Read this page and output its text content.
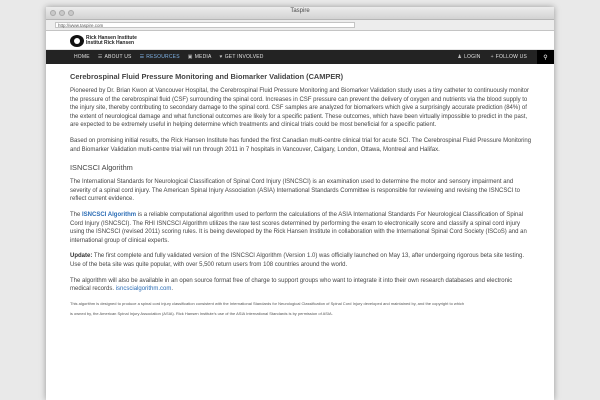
Taspire
http://www.taspire.com
Rick Hansen Institute
Institut Rick Hansen
HOME ☰ ABOUT US ☰ RESOURCES ▣ MEDIA ♥ GET INVOLVED	♟ LOGIN + FOLLOW US	⚲
Cerebrospinal Fluid Pressure Monitoring and Biomarker Validation (CAMPER)

Pioneered by Dr. Brian Kwon at Vancouver Hospital, the Cerebrospinal Fluid Pressure Monitoring and Biomarker Validation study uses a tiny catheter to continuously monitor the pressure of the cerebrospinal fluid (CSF) surrounding the spinal cord. Increases in CSF pressure can prevent the delivery of oxygen and nutrients via the blood supply to the injury site, thereby contributing to secondary damage to the spinal cord. CSF samples are analyzed for biomarkers which give a surprisingly accurate prediction (84%) of the extent of neurological damage and what functional outcomes are likely for a specific patient. These outcomes, which have been virtually impossible to predict in the past, are expected to be extremely useful in helping determine which treatments and clinical trials could be most beneficial for a specific patient.

Based on promising initial results, the Rick Hansen Institute has funded the first Canadian multi-centre clinical trial for acute SCI. The Cerebrospinal Fluid Pressure Monitoring and Biomarker Validation multi-centre trial will run through 2011 in 7 hospitals in Vancouver, Calgary, London, Ottawa, Montreal and Halifax.

ISNCSCI Algorithm

The International Standards for Neurological Classification of Spinal Cord Injury (ISNCSCI) is an examination used to determine the motor and sensory impairment and severity of a spinal cord injury. The American Spinal Injury Association (ASIA) International Standards Committee is responsible for reviewing and revising the ISNCSCI to reflect current evidence.

The ISNCSCI Algorithm is a reliable computational algorithm used to perform the calculations of the ASIA International Standards For Neurological Classification of Spinal Cord Injury (ISNCSCI). The RHI ISNCSCI Algorithm utilizes the raw test scores determined by performing the exam to electronically score and classify a spinal cord injury using the ISNCSCI (revised 2011) scoring rules. It is being developed by the Rick Hansen Institute in collaboration with the International Spinal Cord Society (ISCoS) and an international group of clinical experts.

Update: The first complete and fully validated version of the ISNCSCI Algorithm (Version 1.0) was officially launched on May 13, after undergoing rigorous beta site testing. Use of the beta site was quite popular, with over 5,500 return users from 108 countries around the world.

The algorithm will also be available in an open source format free of charge to support groups who want to integrate it into their own research databases and electronic medical records. isncscialgorithm.com.

This algorithm is designed to produce a spinal cord injury classification consistent with the International Standards for Neurological Classification of Spinal Cord Injury developed and maintained by, and the copyright to which

is owned by, the American Spinal Injury Association (ASIA). Rick Hansen Institute's use of the ASIA International Standards is by permission of ASIA.
